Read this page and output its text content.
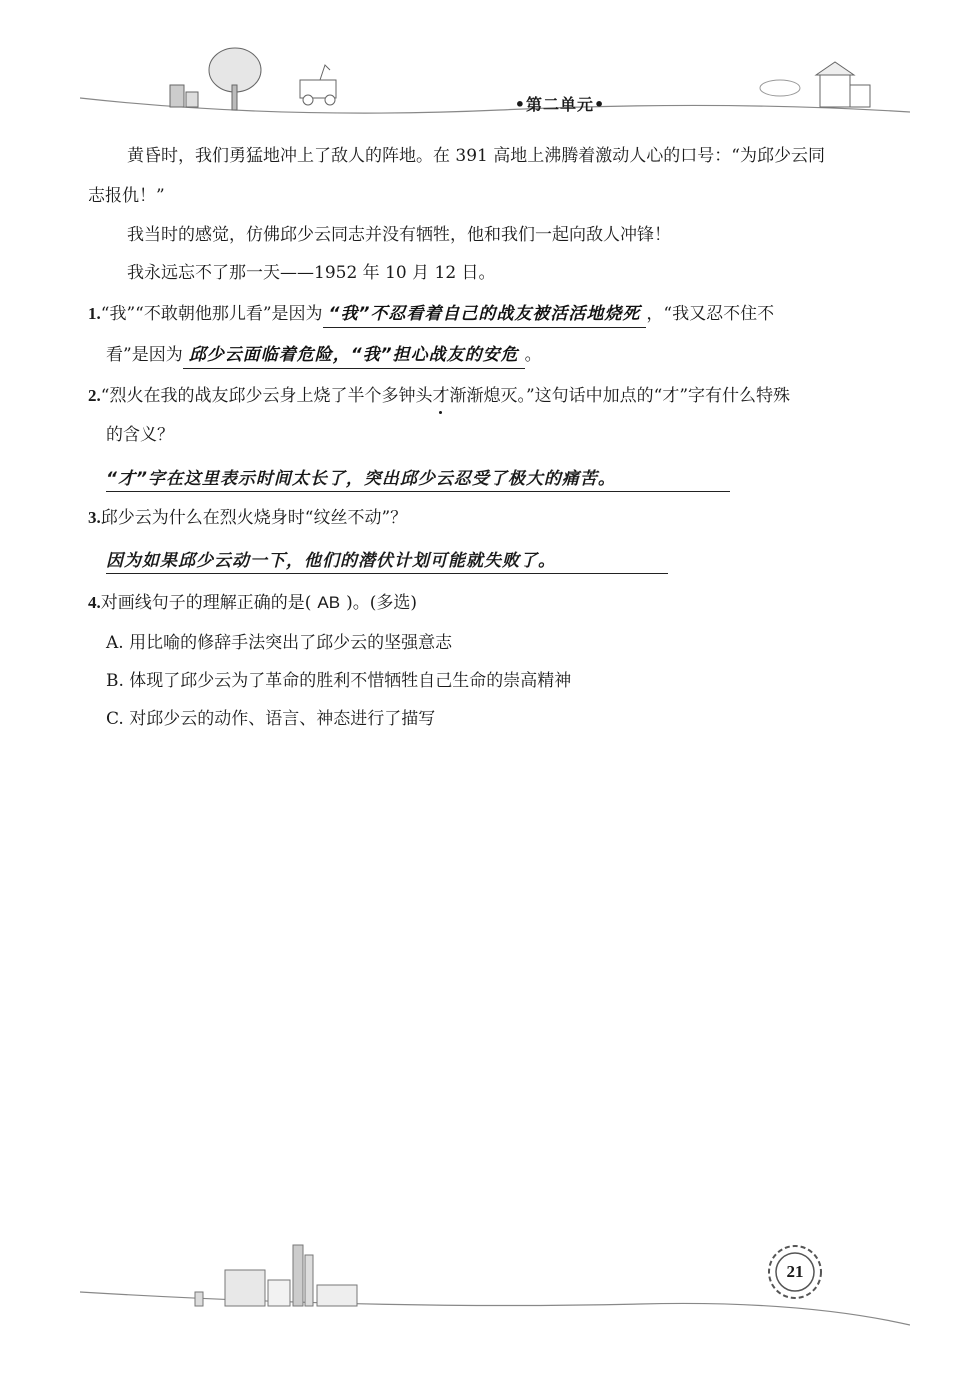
•第二单元•
黄昏时，我们勇猛地冲上了敌人的阵地。在 391 高地上沸腾着激动人心的口号：“为邱少云同
志报仇！”
我当时的感觉，仿佛邱少云同志并没有牺牲，他和我们一起向敌人冲锋！
我永远忘不了那一天——1952 年 10 月 12 日。
1.“我”“不敢朝他那儿看”是因为 “我”不忍看着自己的战友被活活地烧死 ，“我又忍不住不
看”是因为 邱少云面临着危险，“我”担心战友的安危 。
2.“烈火在我的战友邱少云身上烧了半个多钟头才渐渐熄灭。”这句话中加点的“才”字有什么特殊
的含义？
“才”字在这里表示时间太长了，突出邱少云忍受了极大的痛苦。
3.邱少云为什么在烈火烧身时“纹丝不动”？
因为如果邱少云动一下，他们的潜伏计划可能就失败了。
4.对画线句子的理解正确的是( AB )。(多选)
A. 用比喻的修辞手法突出了邱少云的坚强意志
B. 体现了邱少云为了革命的胜利不惜牺牲自己生命的崇高精神
C. 对邱少云的动作、语言、神态进行了描写
21
